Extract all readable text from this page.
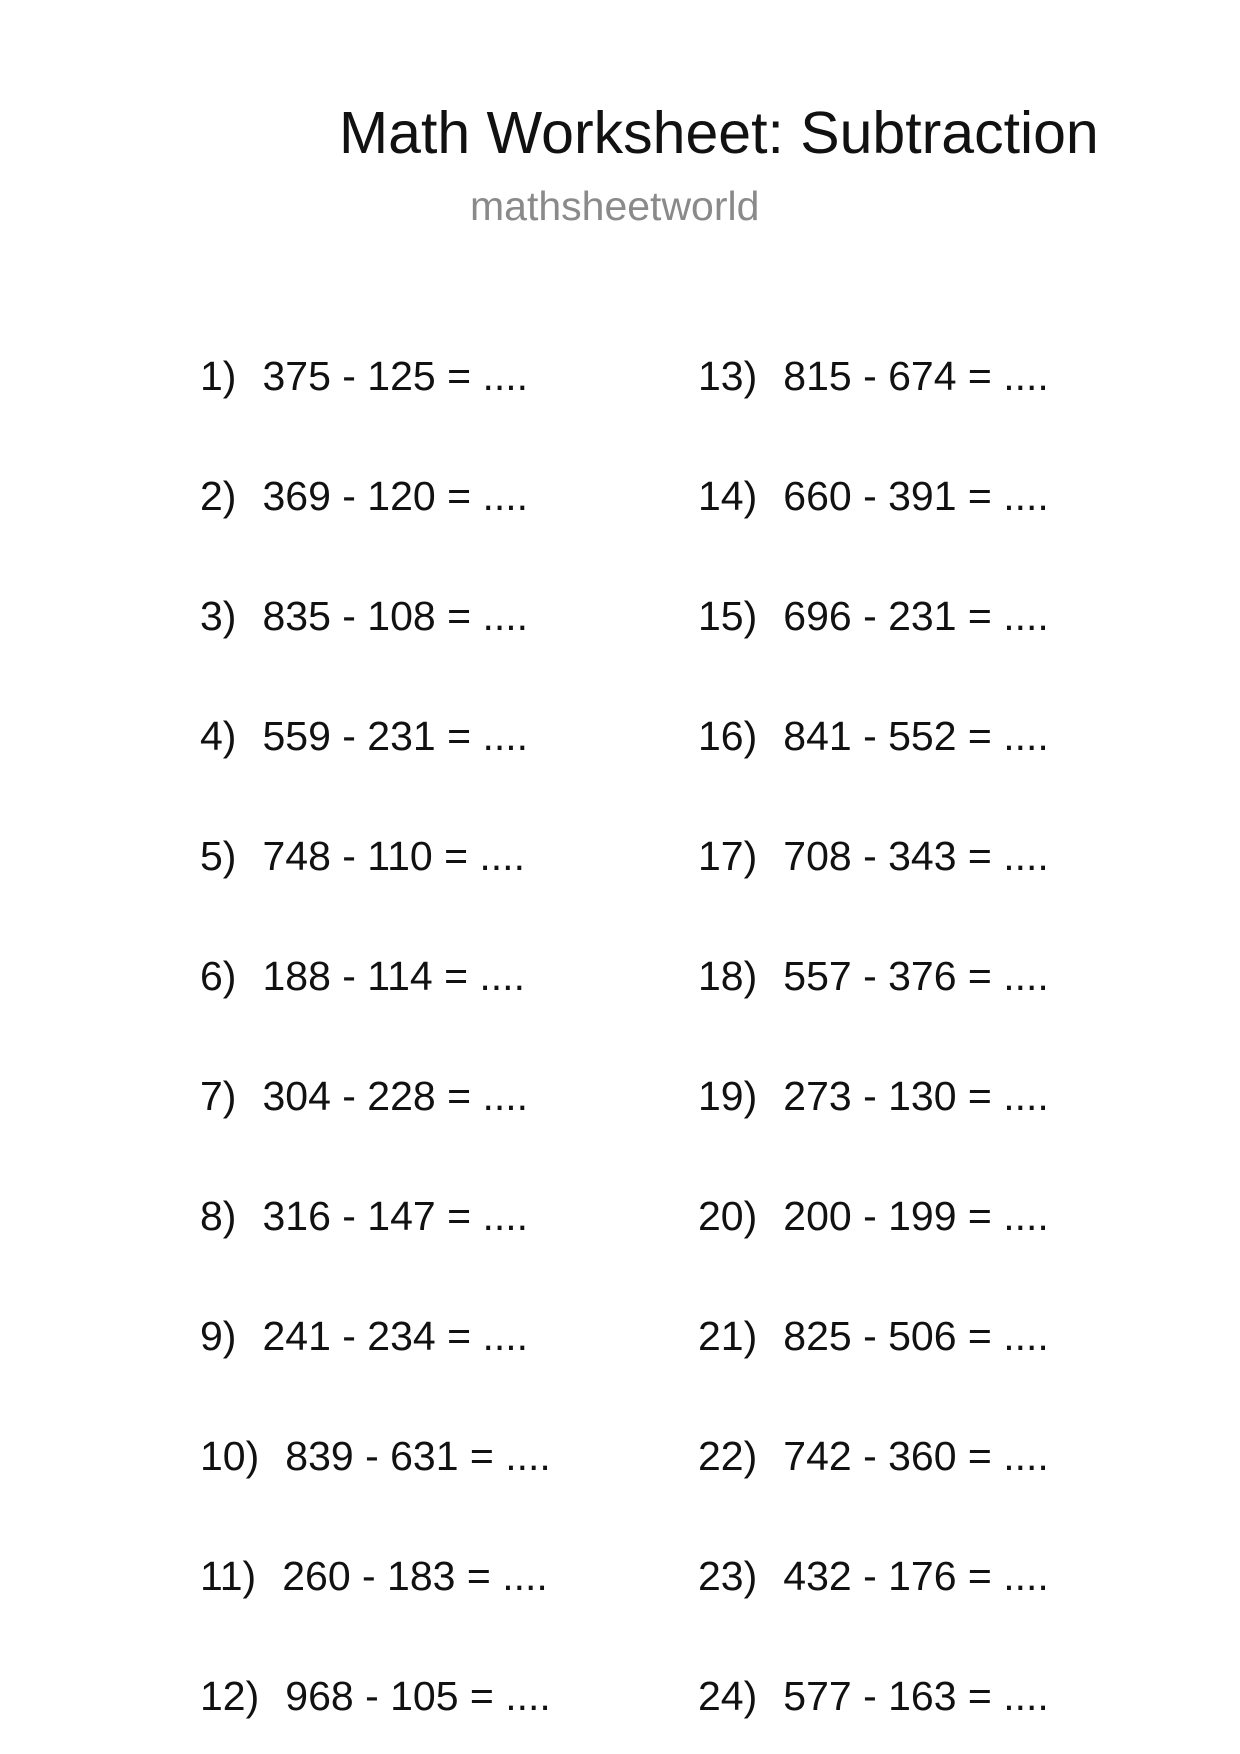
Math Worksheet: Subtraction
mathsheetworld
1) 375 - 125 = ....
2) 369 - 120 = ....
3) 835 - 108 = ....
4) 559 - 231 = ....
5) 748 - 110 = ....
6) 188 - 114 = ....
7) 304 - 228 = ....
8) 316 - 147 = ....
9) 241 - 234 = ....
10) 839 - 631 = ....
11) 260 - 183 = ....
12) 968 - 105 = ....
13) 815 - 674 = ....
14) 660 - 391 = ....
15) 696 - 231 = ....
16) 841 - 552 = ....
17) 708 - 343 = ....
18) 557 - 376 = ....
19) 273 - 130 = ....
20) 200 - 199 = ....
21) 825 - 506 = ....
22) 742 - 360 = ....
23) 432 - 176 = ....
24) 577 - 163 = ....
